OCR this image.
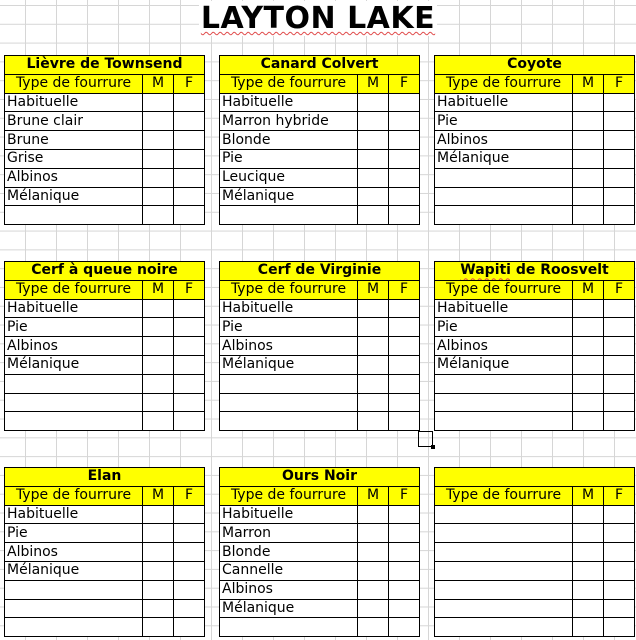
LAYTON LAKE
Lièvre de Townsend		
Type de fourrure	M	F
Habituelle		
Brune clair		
Brune		
Grise		
Albinos		
Mélanique		

Canard Colvert		
Type de fourrure	M	F
Habituelle		
Marron hybride		
Blonde		
Pie		
Leucique		
Mélanique		

Coyote		
Type de fourrure	M	F
Habituelle		
Pie		
Albinos		
Mélanique		

Cerf à queue noire		
Type de fourrure	M	F
Habituelle		
Pie		
Albinos		
Mélanique		

Cerf de Virginie		
Type de fourrure	M	F
Habituelle		
Pie		
Albinos		
Mélanique		

Wapiti de Roosvelt		
Type de fourrure	M	F
Habituelle		
Pie		
Albinos		
Mélanique		

Elan		
Type de fourrure	M	F
Habituelle		
Pie		
Albinos		
Mélanique		

Ours Noir		
Type de fourrure	M	F
Habituelle		
Marron		
Blonde		
Cannelle		
Albinos		
Mélanique		

Type de fourrure	M	F
